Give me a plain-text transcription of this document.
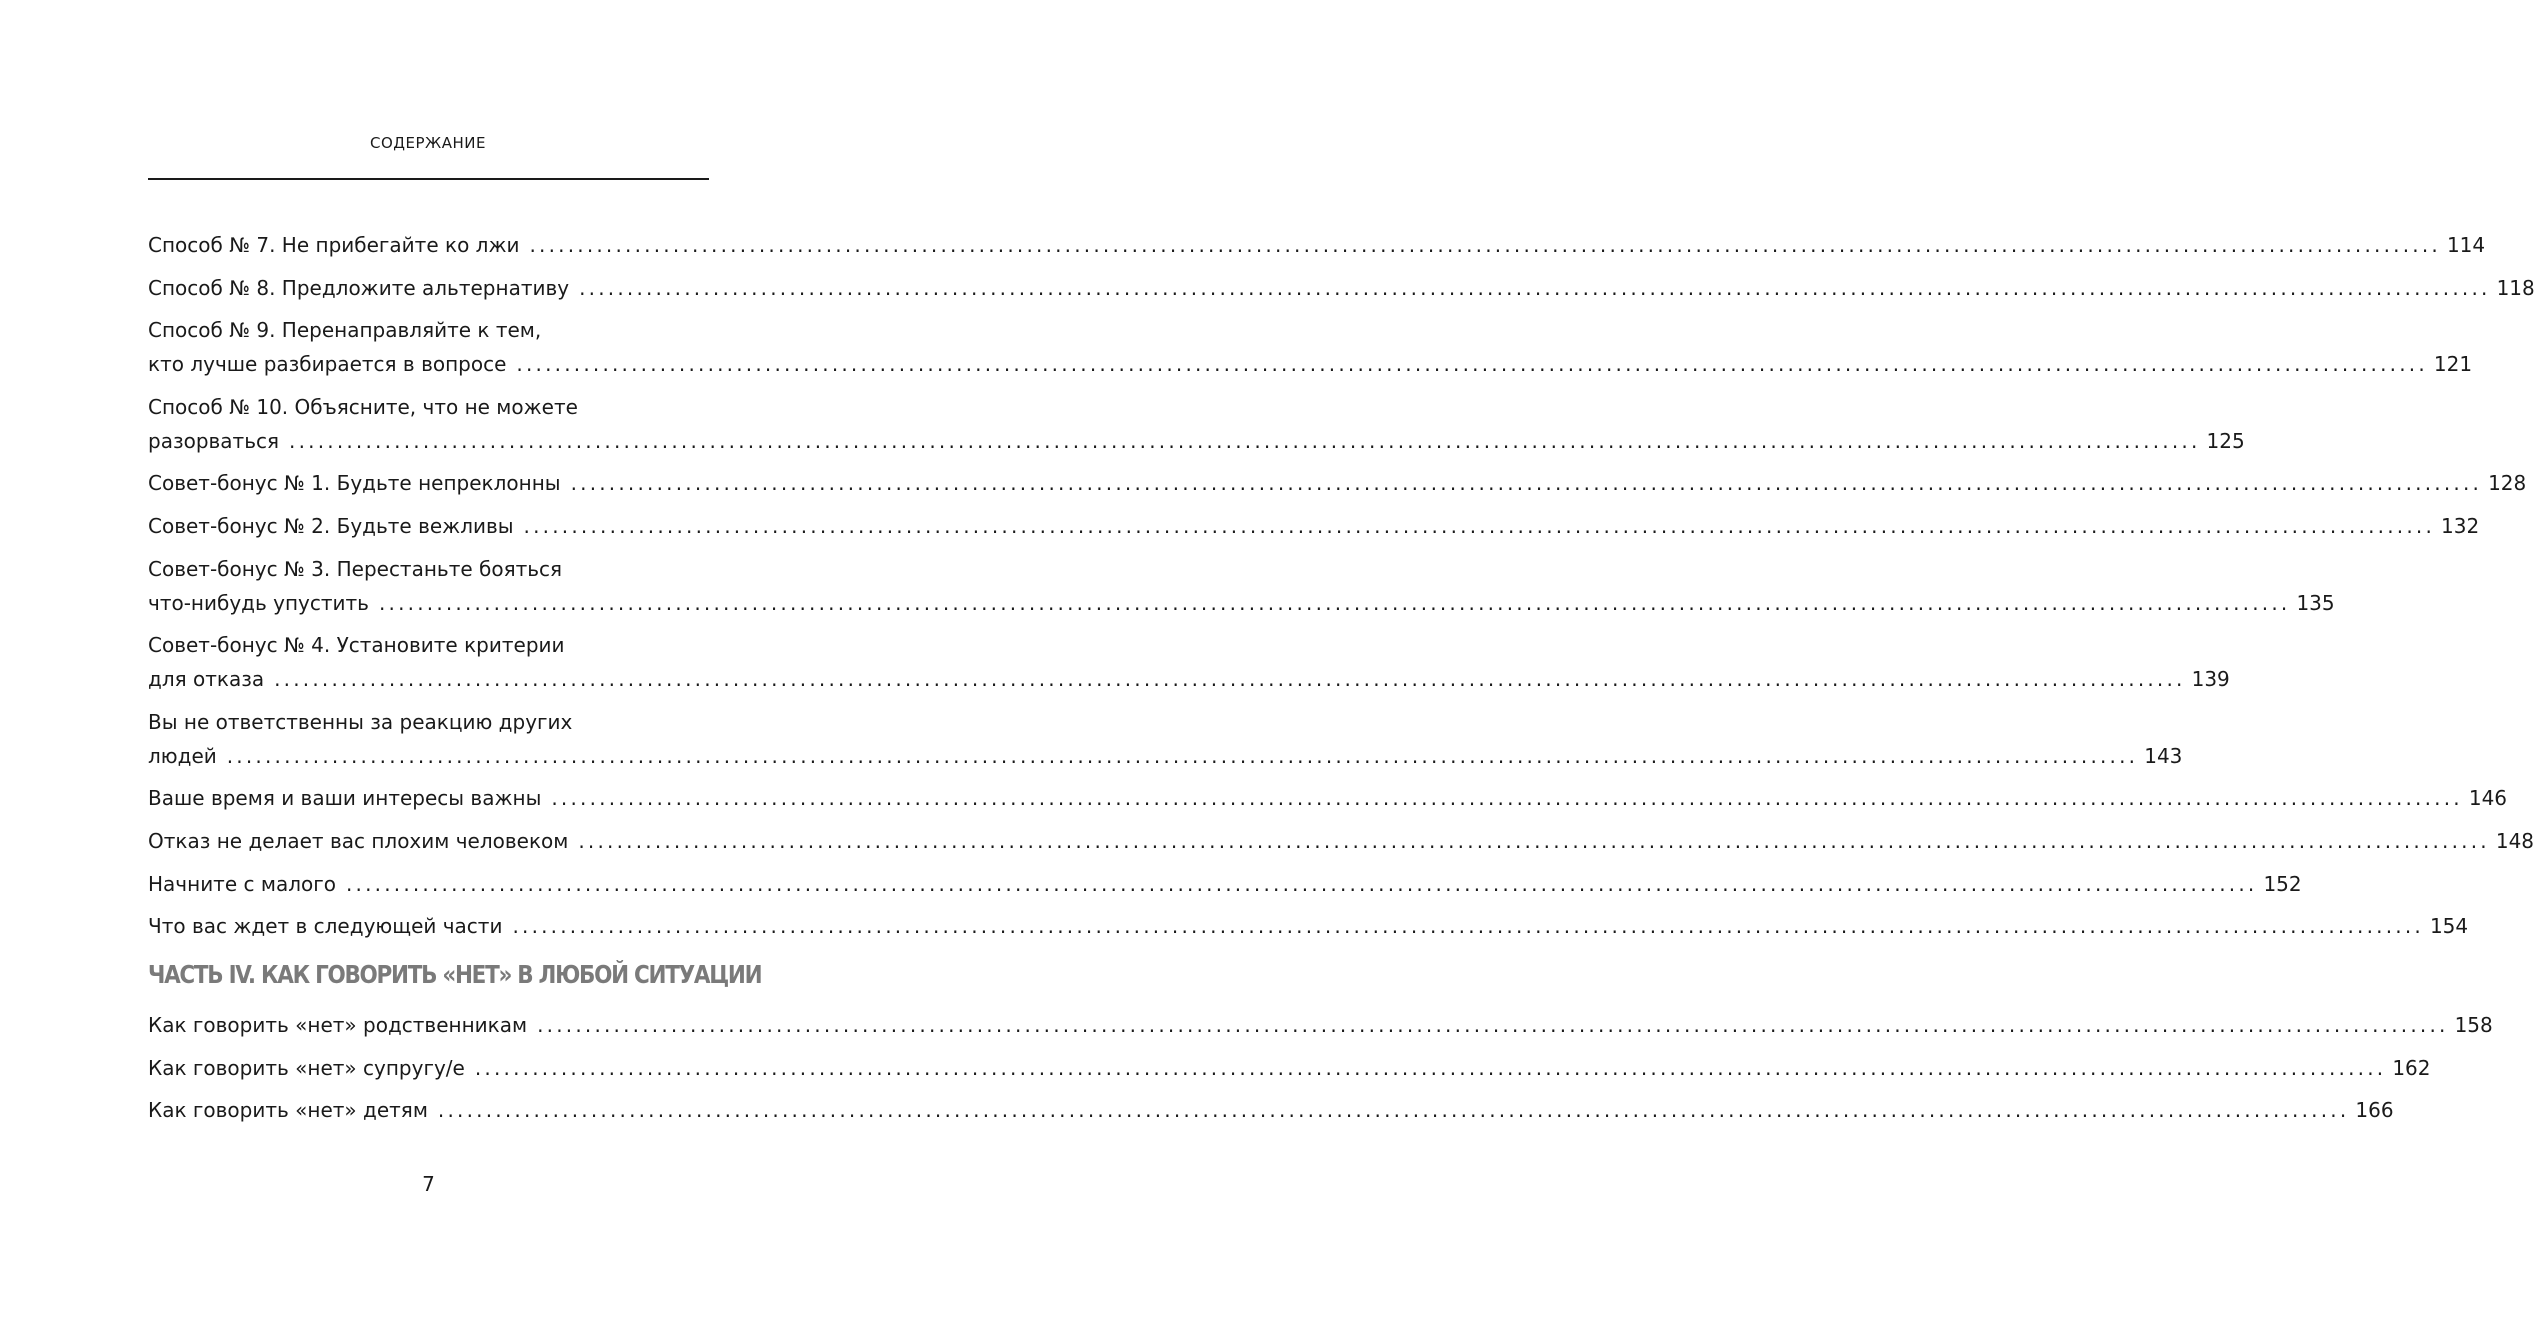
СОДЕРЖАНИЕ
Способ № 7. Не прибегайте ко лжи ........................................................................................................................................................................................................ 114
Способ № 8. Предложите альтернативу ........................................................................................................................................................................................................ 118
Способ № 9. Перенаправляйте к тем,
кто лучше разбирается в вопросе ........................................................................................................................................................................................................ 121
Способ № 10. Объясните, что не можете
разорваться ........................................................................................................................................................................................................ 125
Совет-бонус № 1. Будьте непреклонны ........................................................................................................................................................................................................ 128
Совет-бонус № 2. Будьте вежливы ........................................................................................................................................................................................................ 132
Совет-бонус № 3. Перестаньте бояться
что-нибудь упустить ........................................................................................................................................................................................................ 135
Совет-бонус № 4. Установите критерии
для отказа ........................................................................................................................................................................................................ 139
Вы не ответственны за реакцию других
людей ........................................................................................................................................................................................................ 143
Ваше время и ваши интересы важны ........................................................................................................................................................................................................ 146
Отказ не делает вас плохим человеком ........................................................................................................................................................................................................ 148
Начните с малого ........................................................................................................................................................................................................ 152
Что вас ждет в следующей части ........................................................................................................................................................................................................ 154
ЧАСТЬ IV. КАК ГОВОРИТЬ «НЕТ» В ЛЮБОЙ СИТУАЦИИ
Как говорить «нет» родственникам ........................................................................................................................................................................................................ 158
Как говорить «нет» супругу/е ........................................................................................................................................................................................................ 162
Как говорить «нет» детям ........................................................................................................................................................................................................ 166
7
